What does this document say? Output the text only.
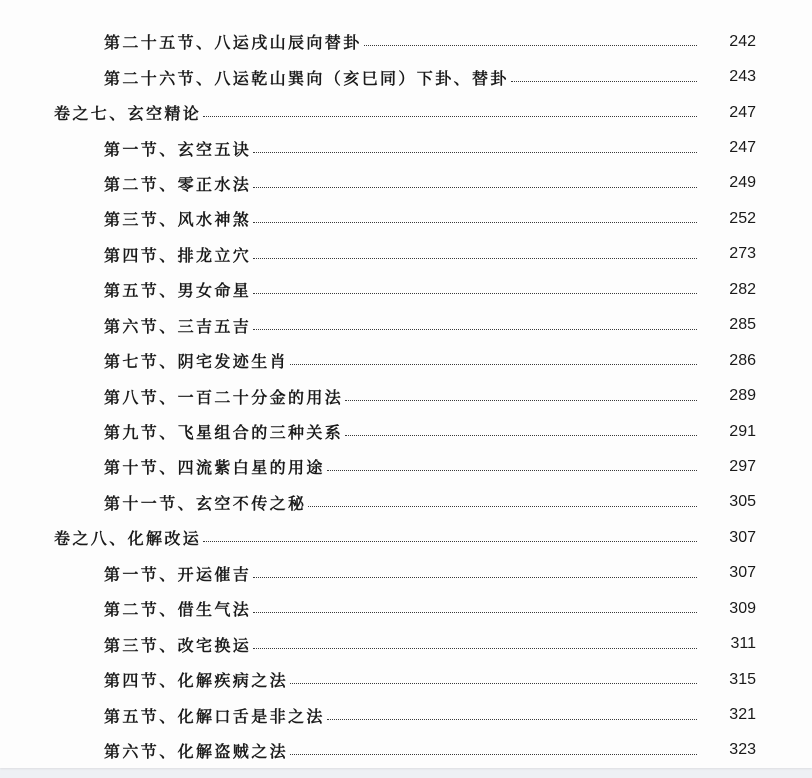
第二十五节、八运戌山辰向替卦	242
第二十六节、八运乾山巽向（亥巳同）下卦、替卦	243
卷之七、玄空精论	247
第一节、玄空五诀	247
第二节、零正水法	249
第三节、风水神煞	252
第四节、排龙立穴	273
第五节、男女命星	282
第六节、三吉五吉	285
第七节、阴宅发迹生肖	286
第八节、一百二十分金的用法	289
第九节、飞星组合的三种关系	291
第十节、四流紫白星的用途	297
第十一节、玄空不传之秘	305
卷之八、化解改运	307
第一节、开运催吉	307
第二节、借生气法	309
第三节、改宅换运	311
第四节、化解疾病之法	315
第五节、化解口舌是非之法	321
第六节、化解盗贼之法	323
